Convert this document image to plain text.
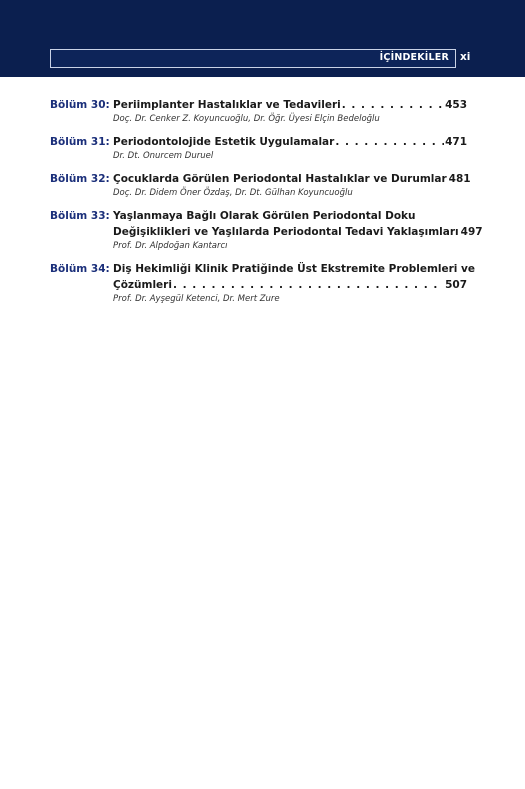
İÇİNDEKİLER xi
Bölüm 30: Periimplanter Hastalıklar ve Tedavileri . . .	453
Doç. Dr. Cenker Z. Koyuncuoğlu, Dr. Öğr. Üyesi Elçin Bedeloğlu
Bölüm 31: Periodontolojide Estetik Uygulamalar . . .	471
Dr. Dt. Onurcem Duruel
Bölüm 32: Çocuklarda Görülen Periodontal Hastalıklar ve Durumlar 481
Doç. Dr. Didem Öner Özdaş, Dr. Dt. Gülhan Koyuncuoğlu
Bölüm 33: Yaşlanmaya Bağlı Olarak Görülen Periodontal Doku
Değişiklikleri ve Yaşlılarda Periodontal Tedavi Yaklaşımları 497
Prof. Dr. Alpdoğan Kantarcı
Bölüm 34: Diş Hekimliği Klinik Pratiğinde Üst Ekstremite Problemleri ve
Çözümleri . . .	507
Prof. Dr. Ayşegül Ketenci, Dr. Mert Zure
